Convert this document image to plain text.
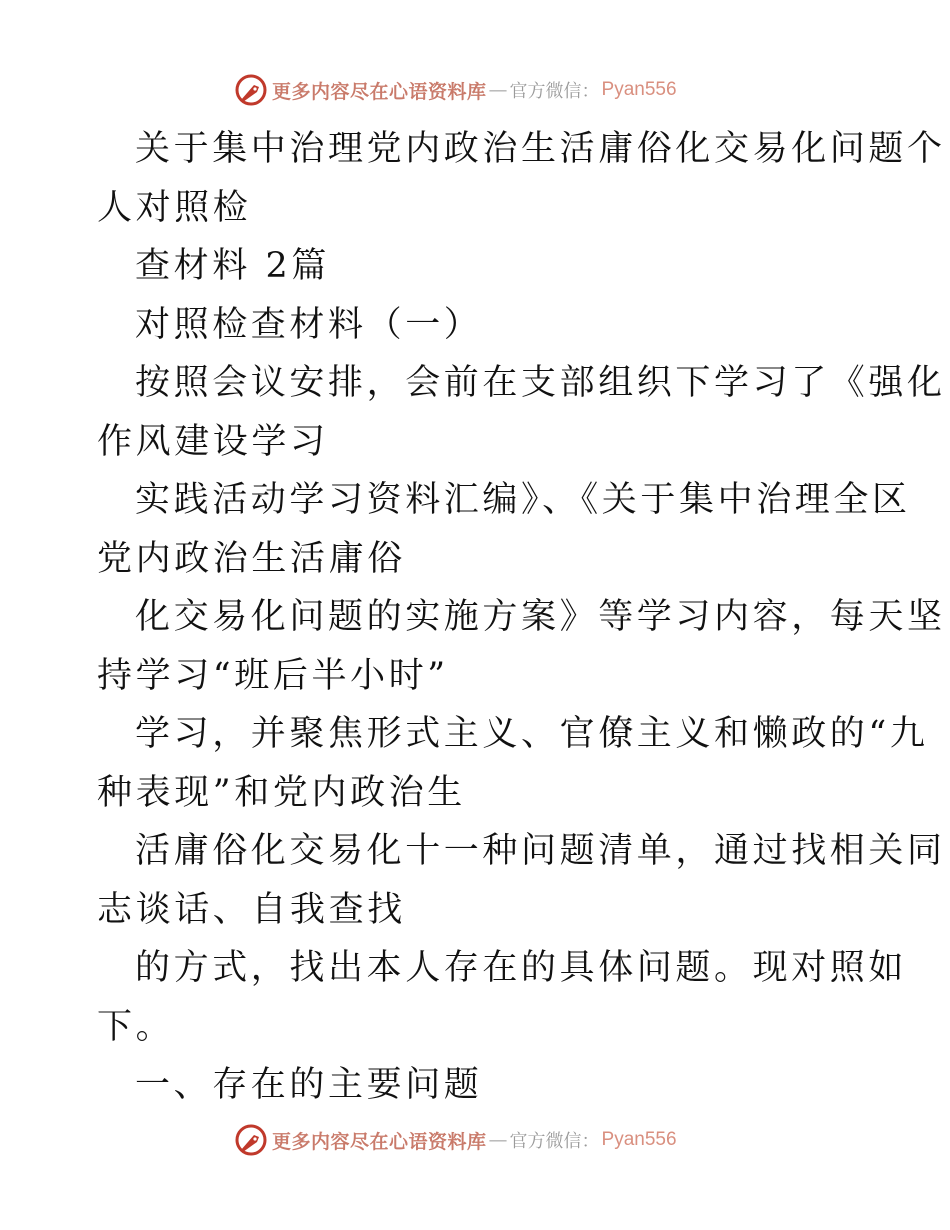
更多内容尽在心语资料库 — 官方微信： Pyan556
关于集中治理党内政治生活庸俗化交易化问题个
人对照检
查材料 2篇
对照检查材料（一）
按照会议安排，会前在支部组织下学习了《强化
作风建设学习
实践活动学习资料汇编》、《关于集中治理全区
党内政治生活庸俗
化交易化问题的实施方案》等学习内容，每天坚
持学习“班后半小时”
学习，并聚焦形式主义、官僚主义和懒政的“九
种表现”和党内政治生
活庸俗化交易化十一种问题清单，通过找相关同
志谈话、自我查找
的方式，找出本人存在的具体问题。现对照如
下。
一、存在的主要问题
更多内容尽在心语资料库 — 官方微信： Pyan556
